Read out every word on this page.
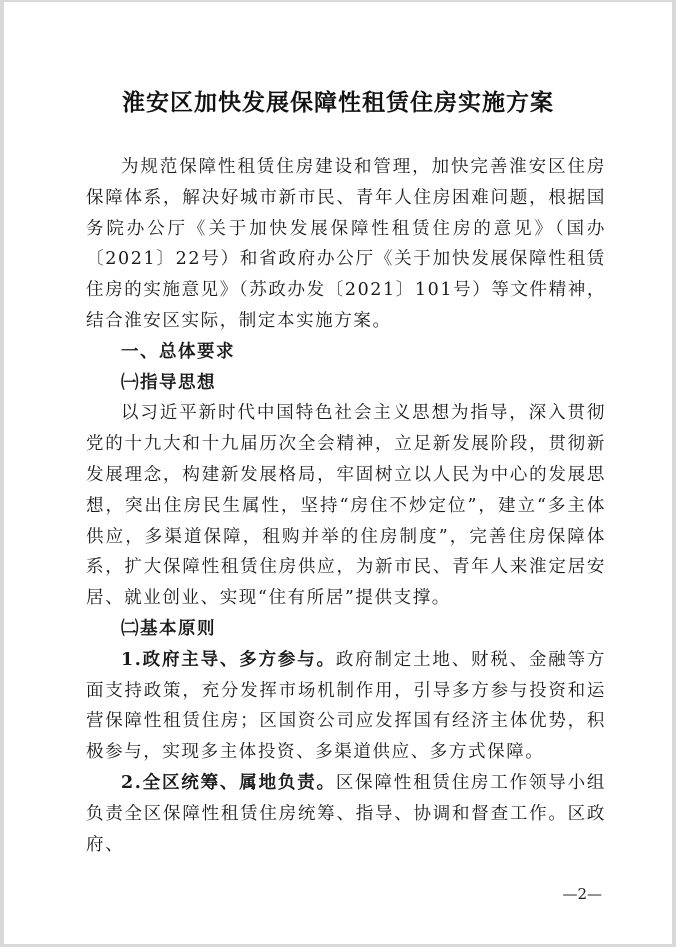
淮安区加快发展保障性租赁住房实施方案

为规范保障性租赁住房建设和管理，加快完善淮安区住房保障体系，解决好城市新市民、青年人住房困难问题，根据国务院办公厅《关于加快发展保障性租赁住房的意见》（国办〔2021〕22号）和省政府办公厅《关于加快发展保障性租赁住房的实施意见》（苏政办发〔2021〕101号）等文件精神，结合淮安区实际，制定本实施方案。

一、总体要求

㈠指导思想

以习近平新时代中国特色社会主义思想为指导，深入贯彻党的十九大和十九届历次全会精神，立足新发展阶段，贯彻新发展理念，构建新发展格局，牢固树立以人民为中心的发展思想，突出住房民生属性，坚持“房住不炒定位”，建立“多主体供应，多渠道保障，租购并举的住房制度”，完善住房保障体系，扩大保障性租赁住房供应，为新市民、青年人来淮定居安居、就业创业、实现“住有所居”提供支撑。

㈡基本原则

1.政府主导、多方参与。政府制定土地、财税、金融等方面支持政策，充分发挥市场机制作用，引导多方参与投资和运营保障性租赁住房；区国资公司应发挥国有经济主体优势，积极参与，实现多主体投资、多渠道供应、多方式保障。

2.全区统筹、属地负责。区保障性租赁住房工作领导小组负责全区保障性租赁住房统筹、指导、协调和督查工作。区政府、

—2—
